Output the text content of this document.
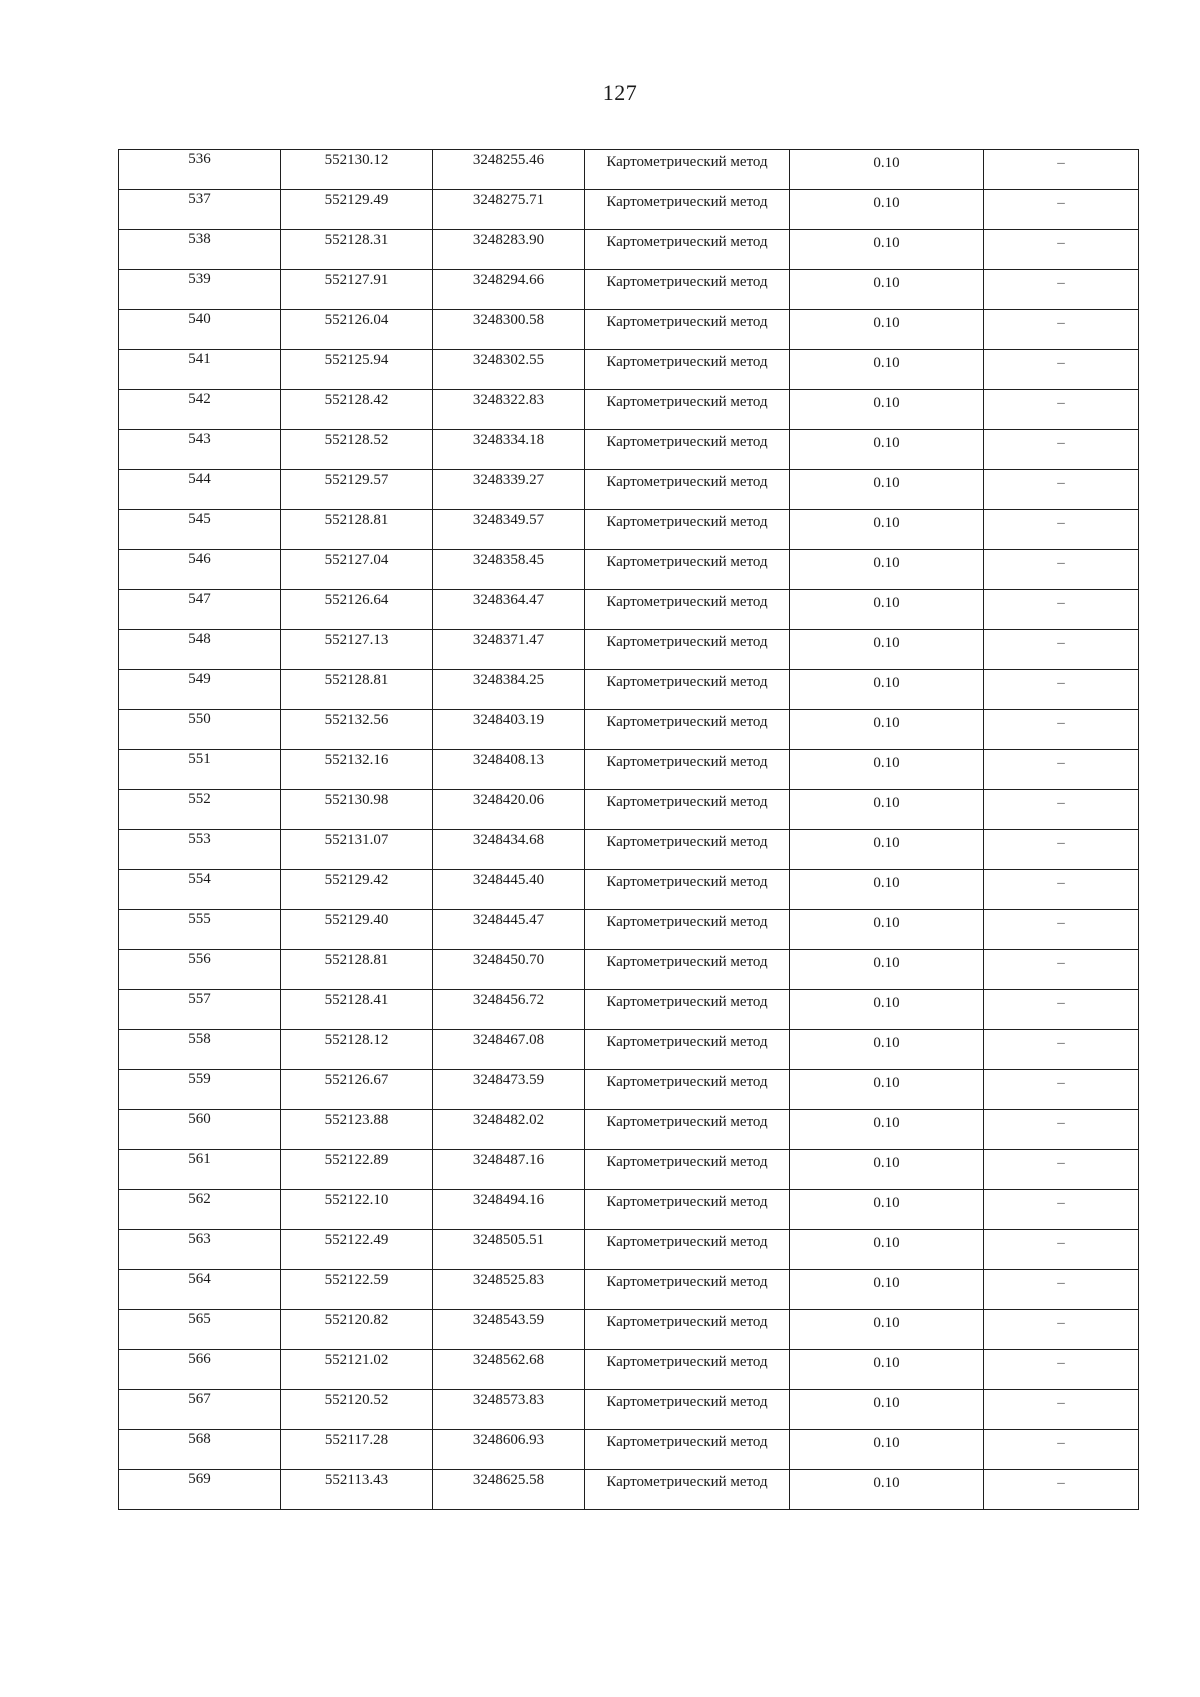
127
536	552130.12	3248255.46	Картометрический метод	0.10	–

537	552129.49	3248275.71	Картометрический метод	0.10	–

538	552128.31	3248283.90	Картометрический метод	0.10	–

539	552127.91	3248294.66	Картометрический метод	0.10	–

540	552126.04	3248300.58	Картометрический метод	0.10	–

541	552125.94	3248302.55	Картометрический метод	0.10	–

542	552128.42	3248322.83	Картометрический метод	0.10	–

543	552128.52	3248334.18	Картометрический метод	0.10	–

544	552129.57	3248339.27	Картометрический метод	0.10	–

545	552128.81	3248349.57	Картометрический метод	0.10	–

546	552127.04	3248358.45	Картометрический метод	0.10	–

547	552126.64	3248364.47	Картометрический метод	0.10	–

548	552127.13	3248371.47	Картометрический метод	0.10	–

549	552128.81	3248384.25	Картометрический метод	0.10	–

550	552132.56	3248403.19	Картометрический метод	0.10	–

551	552132.16	3248408.13	Картометрический метод	0.10	–

552	552130.98	3248420.06	Картометрический метод	0.10	–

553	552131.07	3248434.68	Картометрический метод	0.10	–

554	552129.42	3248445.40	Картометрический метод	0.10	–

555	552129.40	3248445.47	Картометрический метод	0.10	–

556	552128.81	3248450.70	Картометрический метод	0.10	–

557	552128.41	3248456.72	Картометрический метод	0.10	–

558	552128.12	3248467.08	Картометрический метод	0.10	–

559	552126.67	3248473.59	Картометрический метод	0.10	–

560	552123.88	3248482.02	Картометрический метод	0.10	–

561	552122.89	3248487.16	Картометрический метод	0.10	–

562	552122.10	3248494.16	Картометрический метод	0.10	–

563	552122.49	3248505.51	Картометрический метод	0.10	–

564	552122.59	3248525.83	Картометрический метод	0.10	–

565	552120.82	3248543.59	Картометрический метод	0.10	–

566	552121.02	3248562.68	Картометрический метод	0.10	–

567	552120.52	3248573.83	Картометрический метод	0.10	–

568	552117.28	3248606.93	Картометрический метод	0.10	–

569	552113.43	3248625.58	Картометрический метод	0.10	–
